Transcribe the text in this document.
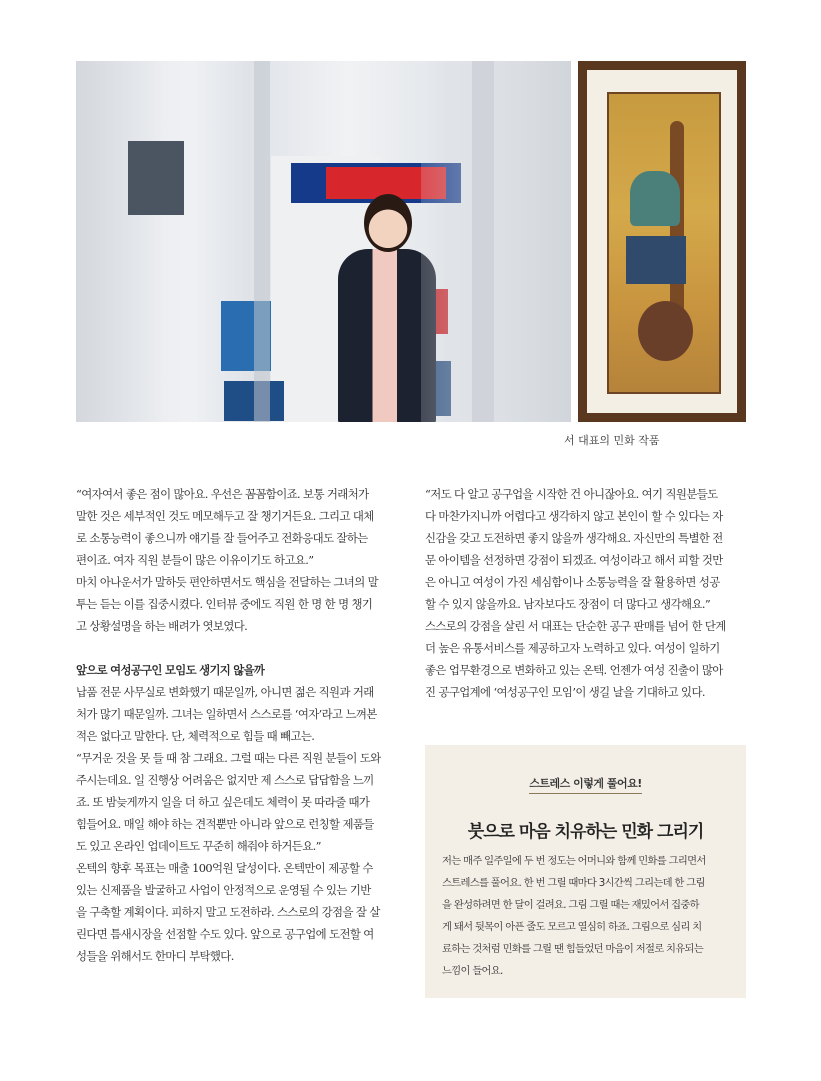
서 대표의 민화 작품
“여자여서 좋은 점이 많아요. 우선은 꼼꼼함이죠. 보통 거래처가
말한 것은 세부적인 것도 메모해두고 잘 챙기거든요. 그리고 대체
로 소통능력이 좋으니까 얘기를 잘 들어주고 전화응대도 잘하는
편이죠. 여자 직원 분들이 많은 이유이기도 하고요.”
마치 아나운서가 말하듯 편안하면서도 핵심을 전달하는 그녀의 말
투는 듣는 이를 집중시켰다. 인터뷰 중에도 직원 한 명 한 명 챙기
고 상황설명을 하는 배려가 엿보였다.
앞으로 여성공구인 모임도 생기지 않을까
납품 전문 사무실로 변화했기 때문일까, 아니면 젊은 직원과 거래
처가 많기 때문일까. 그녀는 일하면서 스스로를 ‘여자’라고 느껴본
적은 없다고 말한다. 단, 체력적으로 힘들 때 빼고는.
“무거운 것을 못 들 때 참 그래요. 그럴 때는 다른 직원 분들이 도와
주시는데요. 일 진행상 어려움은 없지만 제 스스로 답답함을 느끼
죠. 또 밤늦게까지 일을 더 하고 싶은데도 체력이 못 따라줄 때가
힘들어요. 매일 해야 하는 견적뿐만 아니라 앞으로 런칭할 제품들
도 있고 온라인 업데이트도 꾸준히 해줘야 하거든요.”
온텍의 향후 목표는 매출 100억원 달성이다. 온텍만이 제공할 수
있는 신제품을 발굴하고 사업이 안정적으로 운영될 수 있는 기반
을 구축할 계획이다. 피하지 말고 도전하라. 스스로의 강점을 잘 살
린다면 틈새시장을 선점할 수도 있다. 앞으로 공구업에 도전할 여
성들을 위해서도 한마디 부탁했다.
“저도 다 알고 공구업을 시작한 건 아니잖아요. 여기 직원분들도
다 마찬가지니까 어렵다고 생각하지 않고 본인이 할 수 있다는 자
신감을 갖고 도전하면 좋지 않을까 생각해요. 자신만의 특별한 전
문 아이템을 선정하면 강점이 되겠죠. 여성이라고 해서 피할 것만
은 아니고 여성이 가진 세심함이나 소통능력을 잘 활용하면 성공
할 수 있지 않을까요. 남자보다도 장점이 더 많다고 생각해요.”
스스로의 강점을 살린 서 대표는 단순한 공구 판매를 넘어 한 단계
더 높은 유통서비스를 제공하고자 노력하고 있다. 여성이 일하기
좋은 업무환경으로 변화하고 있는 온텍. 언젠가 여성 진출이 많아
진 공구업계에 ‘여성공구인 모임’이 생길 날을 기대하고 있다.
스트레스 이렇게 풀어요!
붓으로 마음 치유하는 민화 그리기
저는 매주 일주일에 두 번 정도는 어머니와 함께 민화를 그리면서
스트레스를 풀어요. 한 번 그릴 때마다 3시간씩 그리는데 한 그림
을 완성하려면 한 달이 걸려요. 그림 그릴 때는 재밌어서 집중하
게 돼서 뒷목이 아픈 줄도 모르고 열심히 하죠. 그림으로 심리 치
료하는 것처럼 민화를 그릴 땐 힘들었던 마음이 저절로 치유되는
느낌이 들어요.
